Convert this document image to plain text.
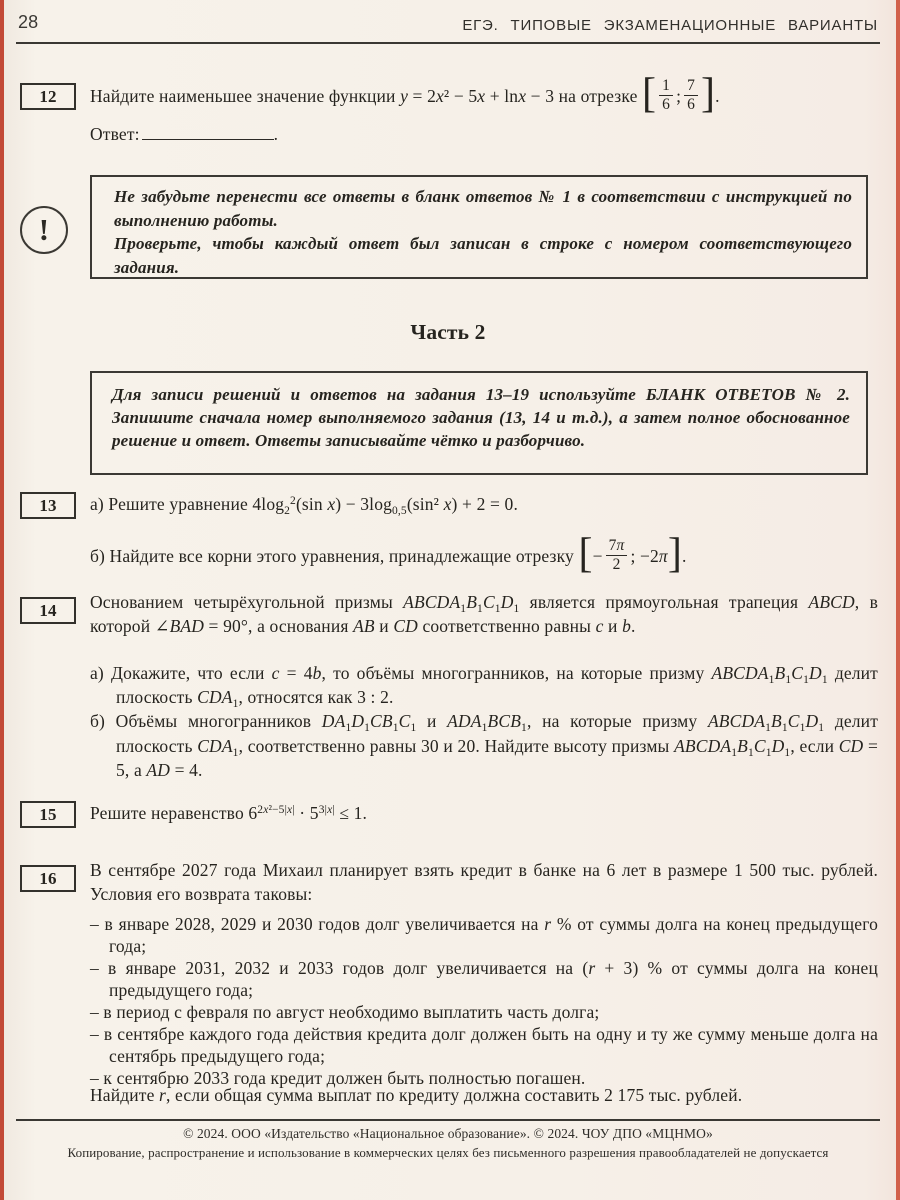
28	ЕГЭ. ТИПОВЫЕ ЭКЗАМЕНАЦИОННЫЕ ВАРИАНТЫ
12	Найдите наименьшее значение функции y = 2x² − 5x + lnx − 3 на отрезке [ $\frac{1}{6}$ ; $\frac{7}{6}$ ].
Ответ:	.
!

Не забудьте перенести все ответы в бланк ответов № 1 в соответствии с инструкцией по выполнению работы.

Проверьте, чтобы каждый ответ был записан в строке с номером соответствующего задания.

Часть 2

Для записи решений и ответов на задания 13–19 используйте БЛАНК ОТВЕТОВ № 2. Запишите сначала номер выполняемого задания (13, 14 и т.д.), а затем полное обоснованное решение и ответ. Ответы записывайте чётко и разборчиво.

13	а) Решите уравнение $4\log_2^2(\sin$ $x) - 3\log_{0,5}(\sin^2$ x) + 2 = 0.
б) Найдите все корни этого уравнения, принадлежащие отрезку [− $\frac{7\pi}{2}$ ; −2π].
14	Основанием четырёхугольной призмы $ABCDA_1B_1C_1D_1$ является прямоугольная трапеция ABCD, в которой ∠BAD = 90°, а основания AB и CD соответственно равны c и b.
а) Докажите, что если c = 4b, то объёмы многогранников, на которые призму $ABCDA_1B_1C_1D_1$ делит плоскость $CDA_1$, относятся как 3 : 2.
б) Объёмы многогранников $DA_1D_1CB_1C_1$ и $ADA_1BCB_1$, на которые призму $ABCDA_1B_1C_1D_1$ делит плоскость $CDA_1$, соответственно равны 30 и 20. Найдите высоту призмы $ABCDA_1B_1C_1D_1$, если CD = 5, а AD = 4.
15	Решите неравенство $6^{2x^2-5|x|} \cdot 5^{3|x|} \le 1$.
16	В сентябре 2027 года Михаил планирует взять кредит в банке на 6 лет в размере 1 500 тыс. рублей. Условия его возврата таковы:
– в январе 2028, 2029 и 2030 годов долг увеличивается на r % от суммы долга на конец предыдущего года;
– в январе 2031, 2032 и 2033 годов долг увеличивается на (r + 3) % от суммы долга на конец предыдущего года;
– в период с февраля по август необходимо выплатить часть долга;
– в сентябре каждого года действия кредита долг должен быть на одну и ту же сумму меньше долга на сентябрь предыдущего года;
– к сентябрю 2033 года кредит должен быть полностью погашен.
Найдите r, если общая сумма выплат по кредиту должна составить 2 175 тыс. рублей.
© 2024. ООО «Издательство «Национальное образование». © 2024. ЧОУ ДПО «МЦНМО»
Копирование, распространение и использование в коммерческих целях без письменного разрешения правообладателей не допускается
